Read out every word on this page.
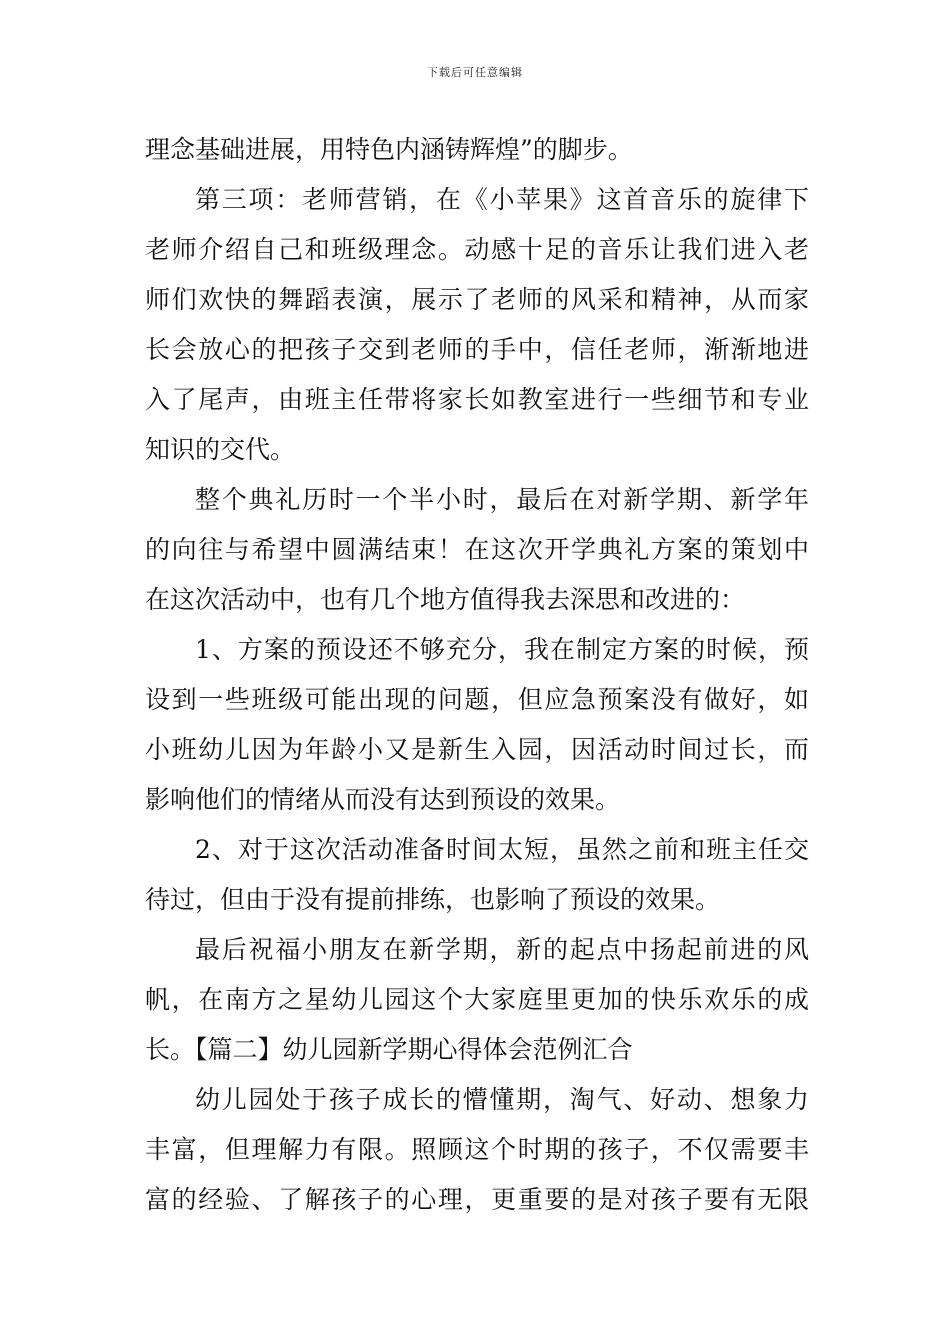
下载后可任意编辑
理念基础进展，用特色内涵铸辉煌”的脚步。
第三项：老师营销，在《小苹果》这首音乐的旋律下
老师介绍自己和班级理念。动感十足的音乐让我们进入老
师们欢快的舞蹈表演，展示了老师的风采和精神，从而家
长会放心的把孩子交到老师的手中，信任老师，渐渐地进
入了尾声，由班主任带将家长如教室进行一些细节和专业
知识的交代。
整个典礼历时一个半小时，最后在对新学期、新学年
的向往与希望中圆满结束！在这次开学典礼方案的策划中
在这次活动中，也有几个地方值得我去深思和改进的：
1、方案的预设还不够充分，我在制定方案的时候，预
设到一些班级可能出现的问题，但应急预案没有做好，如
小班幼儿因为年龄小又是新生入园，因活动时间过长，而
影响他们的情绪从而没有达到预设的效果。
2、对于这次活动准备时间太短，虽然之前和班主任交
待过，但由于没有提前排练，也影响了预设的效果。
最后祝福小朋友在新学期，新的起点中扬起前进的风
帆，在南方之星幼儿园这个大家庭里更加的快乐欢乐的成
长。【篇二】幼儿园新学期心得体会范例汇合
幼儿园处于孩子成长的懵懂期，淘气、好动、想象力
丰富，但理解力有限。照顾这个时期的孩子，不仅需要丰
富的经验、了解孩子的心理，更重要的是对孩子要有无限
